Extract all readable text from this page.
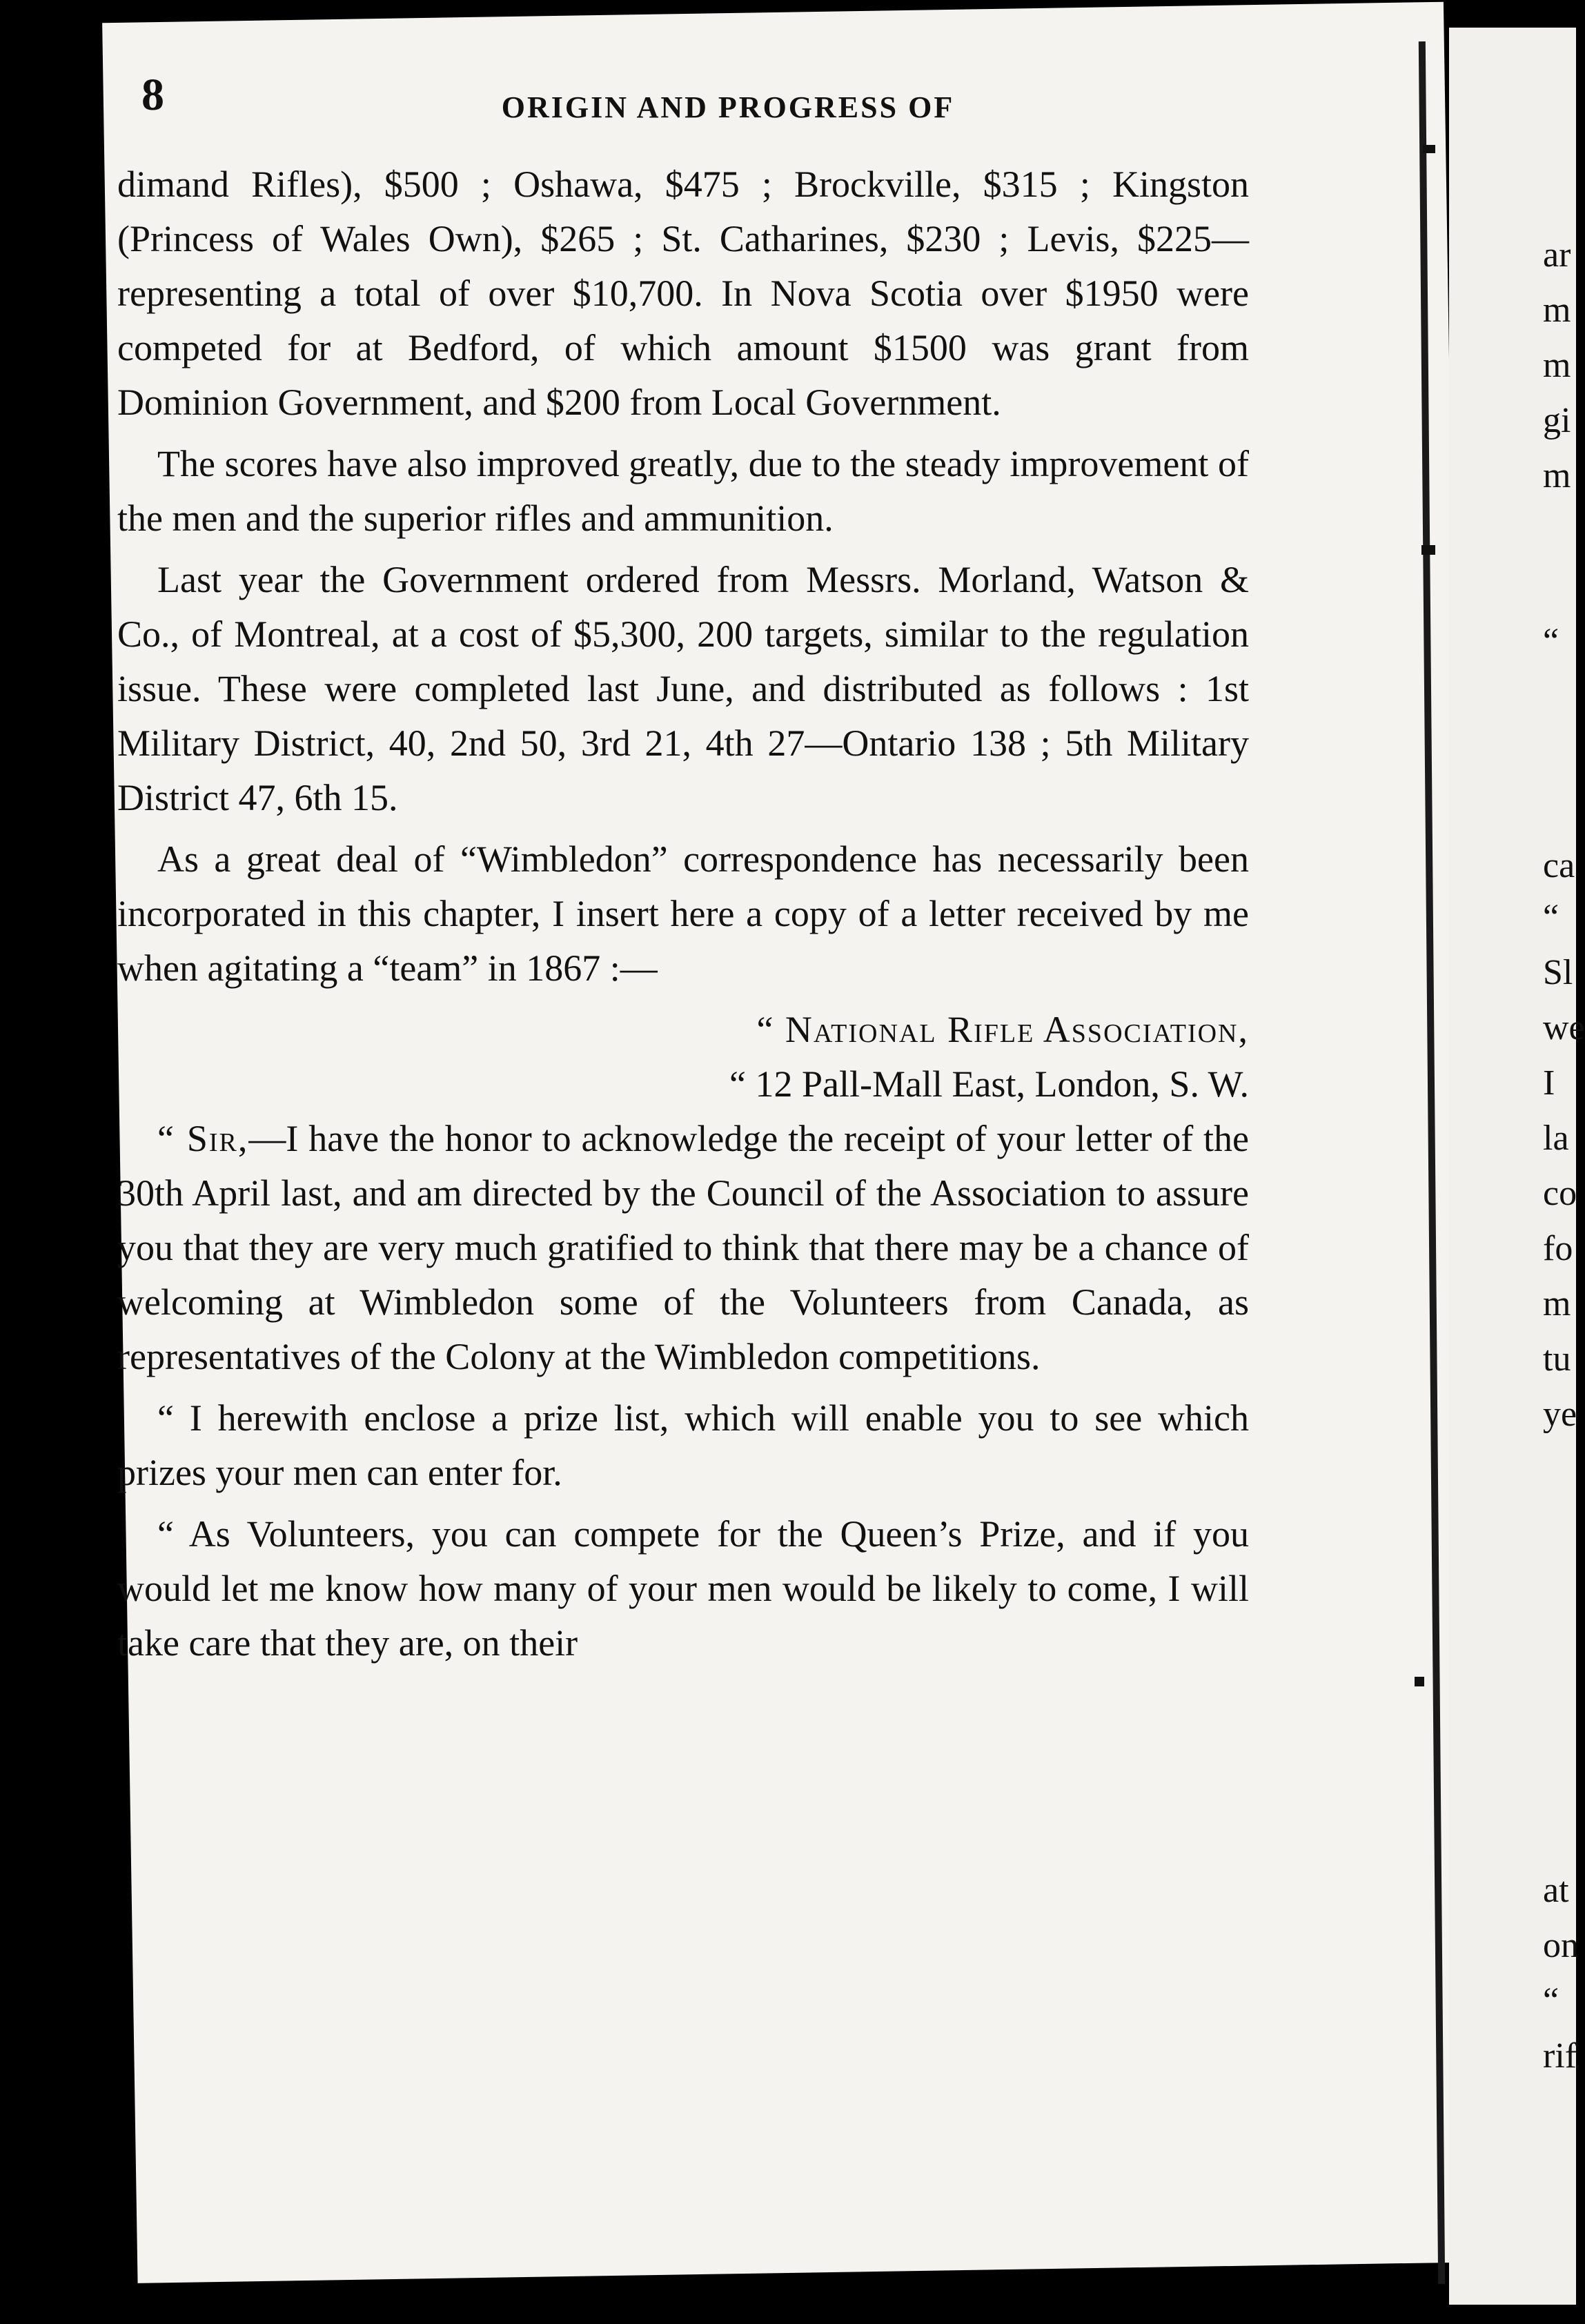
8	ORIGIN AND PROGRESS OF

dimand Rifles), $500 ; Oshawa, $475 ; Brockville, $315 ; Kingston (Princess of Wales Own), $265 ; St. Catharines, $230 ; Levis, $225—representing a total of over $10,700. In Nova Scotia over $1950 were competed for at Bedford, of which amount $1500 was grant from Dominion Government, and $200 from Local Government.

The scores have also improved greatly, due to the steady improvement of the men and the superior rifles and ammunition.

Last year the Government ordered from Messrs. Morland, Watson & Co., of Montreal, at a cost of $5,300, 200 targets, similar to the regulation issue. These were completed last June, and distributed as follows : 1st Military District, 40, 2nd 50, 3rd 21, 4th 27—Ontario 138 ; 5th Military District 47, 6th 15.

As a great deal of “Wimbledon” correspondence has necessarily been incorporated in this chapter, I insert here a copy of a letter received by me when agitating a “team” in 1867 :—

“ National Rifle Association,
“ 12 Pall-Mall East, London, S. W.

“ Sir,—I have the honor to acknowledge the receipt of your letter of the 30th April last, and am directed by the Council of the Association to assure you that they are very much gratified to think that there may be a chance of welcoming at Wimbledon some of the Volunteers from Canada, as representatives of the Colony at the Wimbledon competitions.

“ I herewith enclose a prize list, which will enable you to see which prizes your men can enter for.

“ As Volunteers, you can compete for the Queen’s Prize, and if you would let me know how many of your men would be likely to come, I will take care that they are, on their

ar
m
m
gi
m
“
ca
“
Sl
we
I
la
co
fo
m
tu
ye
at
on
“
rif
